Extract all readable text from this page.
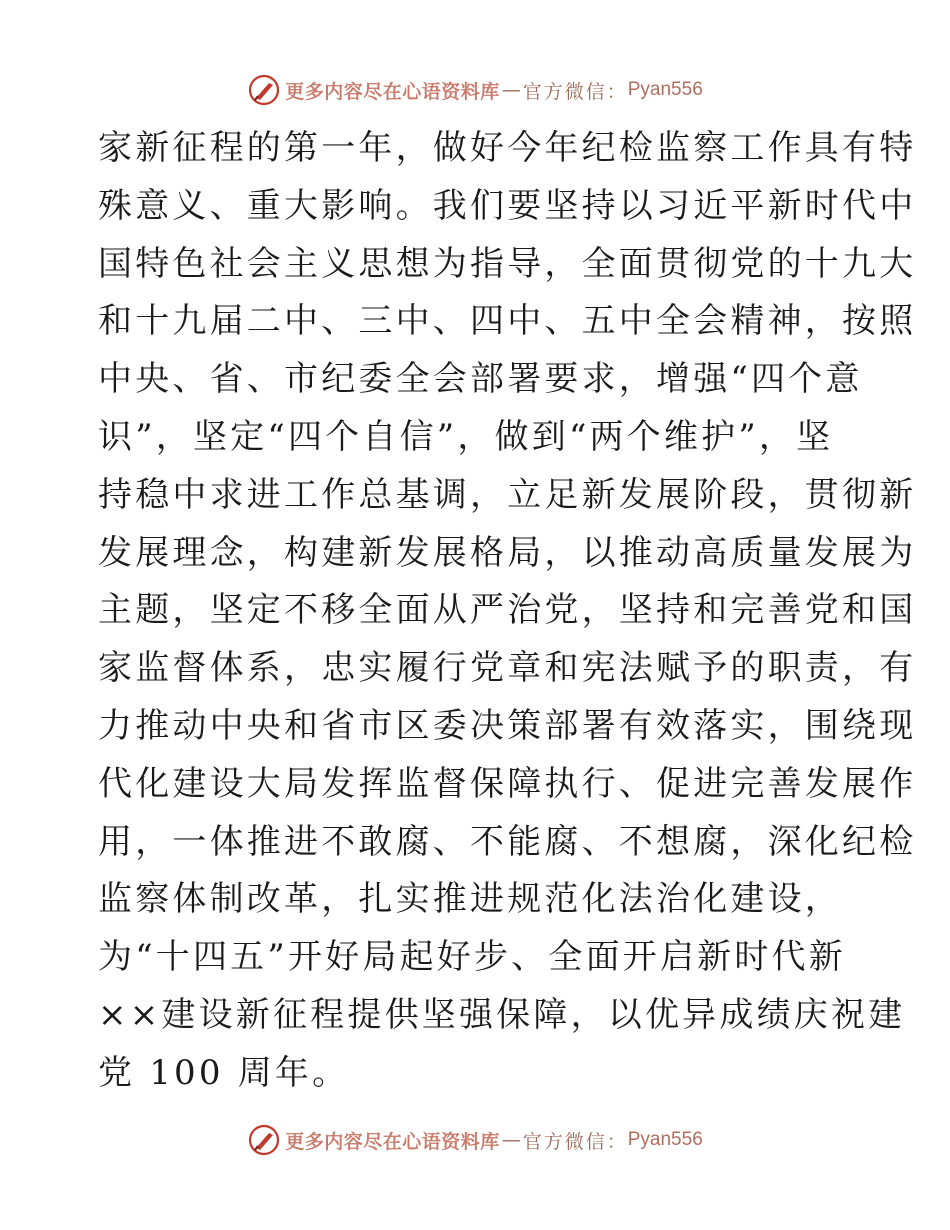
更多内容尽在心语资料库 — 官方微信： Pyan556
家新征程的第一年，做好今年纪检监察工作具有特
殊意义、重大影响。我们要坚持以习近平新时代中
国特色社会主义思想为指导，全面贯彻党的十九大
和十九届二中、三中、四中、五中全会精神，按照
中央、省、市纪委全会部署要求，增强“四个意
识”，坚定“四个自信”，做到“两个维护”，坚
持稳中求进工作总基调，立足新发展阶段，贯彻新
发展理念，构建新发展格局，以推动高质量发展为
主题，坚定不移全面从严治党，坚持和完善党和国
家监督体系，忠实履行党章和宪法赋予的职责，有
力推动中央和省市区委决策部署有效落实，围绕现
代化建设大局发挥监督保障执行、促进完善发展作
用，一体推进不敢腐、不能腐、不想腐，深化纪检
监察体制改革，扎实推进规范化法治化建设，
为“十四五”开好局起好步、全面开启新时代新
××建设新征程提供坚强保障，以优异成绩庆祝建
党 100 周年。
更多内容尽在心语资料库 — 官方微信： Pyan556
